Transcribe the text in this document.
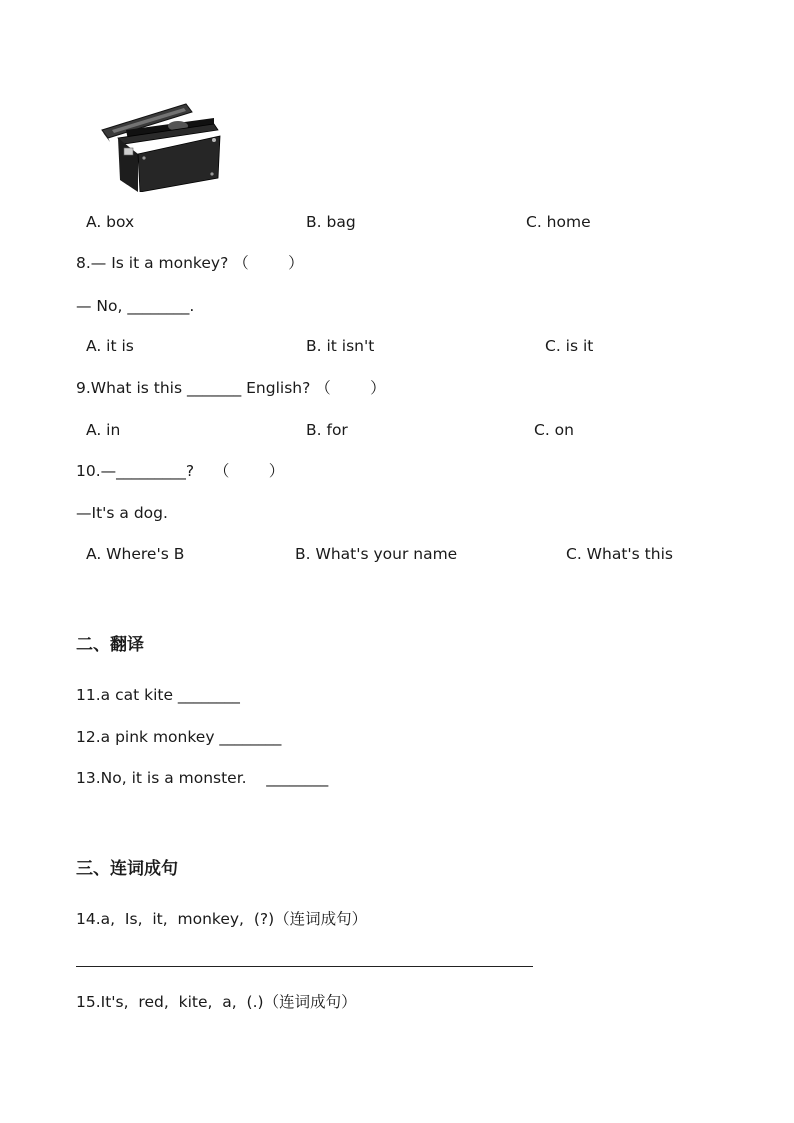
A. box	B. bag	C. home
8.— Is it a monkey? （        ）
— No, ________.
A. it is	B. it isn't	C. is it
9.What is this _______ English? （        ）
A. in	B. for	C. on
10.—_________?    （        ）
—It's a dog.
A. Where's B	B. What's your name	C. What's this
二、翻译
11.a cat kite ________
12.a pink monkey ________
13.No, it is a monster.    ________
三、连词成句
14.a,  Is,  it,  monkey,  (?)（连词成句）
15.It's,  red,  kite,  a,  (.)（连词成句）
